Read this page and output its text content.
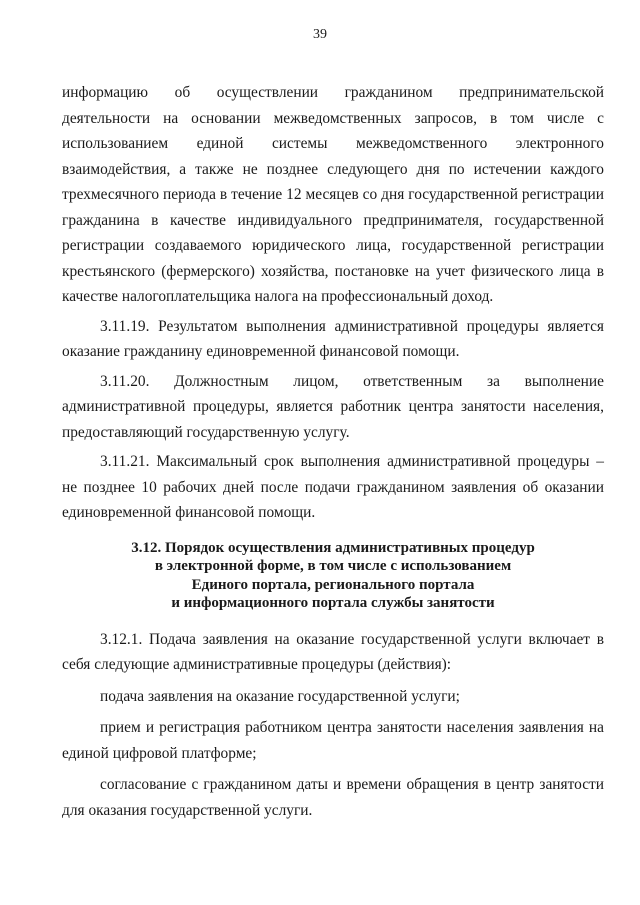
39

информацию об осуществлении гражданином предпринимательской деятельности на основании межведомственных запросов, в том числе с использованием единой системы межведомственного электронного взаимодействия, а также не позднее следующего дня по истечении каждого трехмесячного периода в течение 12 месяцев со дня государственной регистрации гражданина в качестве индивидуального предпринимателя, государственной регистрации создаваемого юридического лица, государственной регистрации крестьянского (фермерского) хозяйства, постановке на учет физического лица в качестве налогоплательщика налога на профессиональный доход.

3.11.19. Результатом выполнения административной процедуры является оказание гражданину единовременной финансовой помощи.

3.11.20. Должностным лицом, ответственным за выполнение административной процедуры, является работник центра занятости населения, предоставляющий государственную услугу.

3.11.21. Максимальный срок выполнения административной процедуры – не позднее 10 рабочих дней после подачи гражданином заявления об оказании единовременной финансовой помощи.

3.12. Порядок осуществления административных процедур
в электронной форме, в том числе с использованием
Единого портала, регионального портала
и информационного портала службы занятости

3.12.1. Подача заявления на оказание государственной услуги включает в себя следующие административные процедуры (действия):

подача заявления на оказание государственной услуги;

прием и регистрация работником центра занятости населения заявления на единой цифровой платформе;

согласование с гражданином даты и времени обращения в центр занятости для оказания государственной услуги.
